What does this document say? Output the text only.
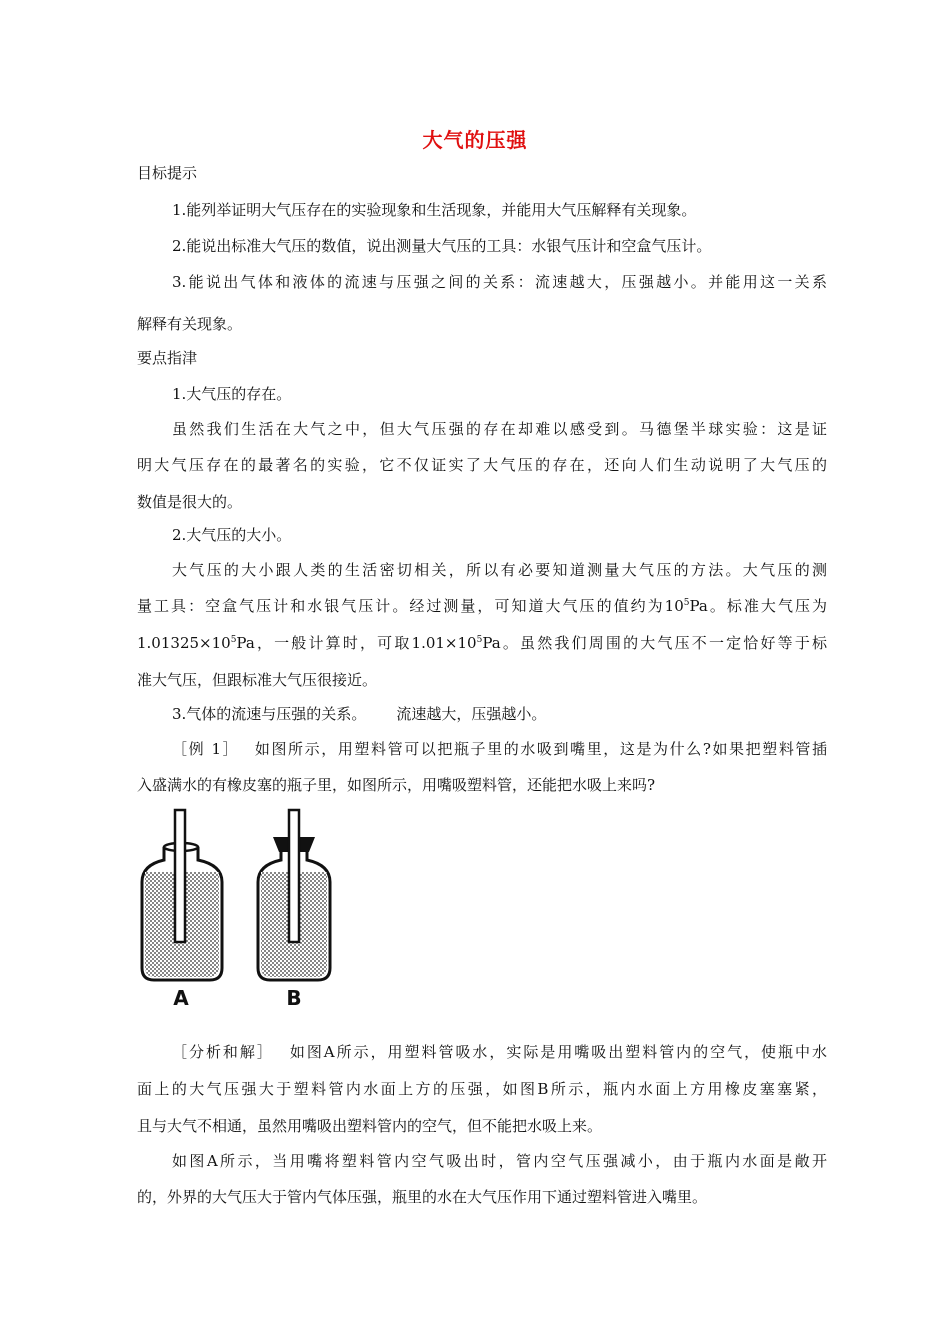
大气的压强
目标提示
1.能列举证明大气压存在的实验现象和生活现象，并能用大气压解释有关现象。
2.能说出标准大气压的数值，说出测量大气压的工具：水银气压计和空盒气压计。
3.能说出气体和液体的流速与压强之间的关系：流速越大，压强越小。并能用这一关系
解释有关现象。
要点指津
1.大气压的存在。
虽然我们生活在大气之中，但大气压强的存在却难以感受到。马德堡半球实验：这是证
明大气压存在的最著名的实验，它不仅证实了大气压的存在，还向人们生动说明了大气压的
数值是很大的。
2.大气压的大小。
大气压的大小跟人类的生活密切相关，所以有必要知道测量大气压的方法。大气压的测
量工具：空盒气压计和水银气压计。经过测量，可知道大气压的值约为$10^5Pa$。标准大气压为
$1.01325\times 10^5Pa$，一般计算时，可取$1.01\times 10^5Pa$。虽然我们周围的大气压不一定恰好等于标
准大气压，但跟标准大气压很接近。
3.气体的流速与压强的关系。 流速越大，压强越小。
［例 1］ 如图所示，用塑料管可以把瓶子里的水吸到嘴里，这是为什么?如果把塑料管插
入盛满水的有橡皮塞的瓶子里，如图所示，用嘴吸塑料管，还能把水吸上来吗?
A	B
［分析和解］ 如图A所示，用塑料管吸水，实际是用嘴吸出塑料管内的空气，使瓶中水
面上的大气压强大于塑料管内水面上方的压强，如图B所示，瓶内水面上方用橡皮塞塞紧，
且与大气不相通，虽然用嘴吸出塑料管内的空气，但不能把水吸上来。
如图A所示，当用嘴将塑料管内空气吸出时，管内空气压强减小，由于瓶内水面是敞开
的，外界的大气压大于管内气体压强，瓶里的水在大气压作用下通过塑料管进入嘴里。
